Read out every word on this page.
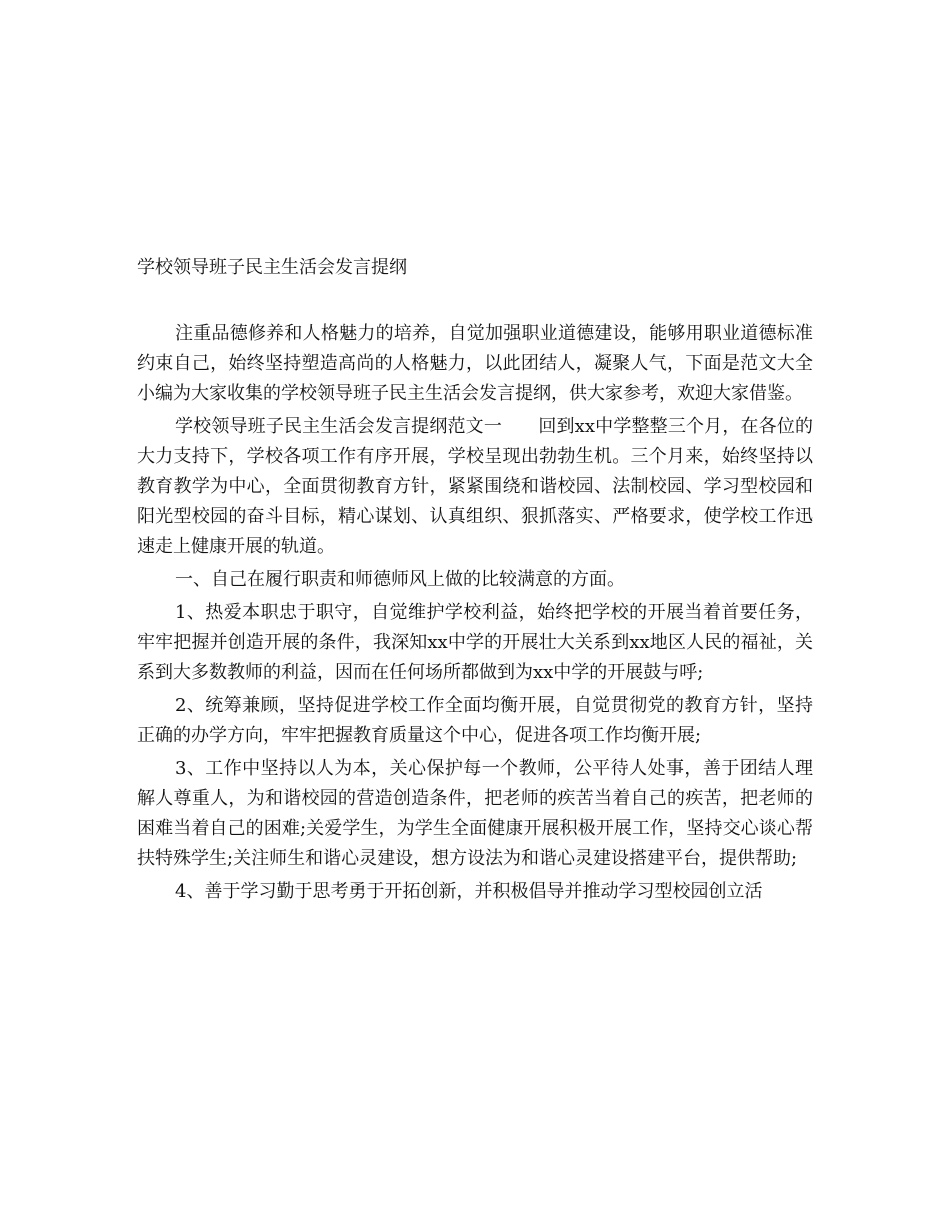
学校领导班子民主生活会发言提纲

注重品德修养和人格魅力的培养，自觉加强职业道德建设，能够用职业道德标准约束自己，始终坚持塑造高尚的人格魅力，以此团结人，凝聚人气，下面是范文大全小编为大家收集的学校领导班子民主生活会发言提纲，供大家参考，欢迎大家借鉴。

学校领导班子民主生活会发言提纲范文一　　回到xx中学整整三个月，在各位的大力支持下，学校各项工作有序开展，学校呈现出勃勃生机。三个月来，始终坚持以教育教学为中心，全面贯彻教育方针，紧紧围绕和谐校园、法制校园、学习型校园和阳光型校园的奋斗目标，精心谋划、认真组织、狠抓落实、严格要求，使学校工作迅速走上健康开展的轨道。

一、自己在履行职责和师德师风上做的比较满意的方面。

1、热爱本职忠于职守，自觉维护学校利益，始终把学校的开展当着首要任务，牢牢把握并创造开展的条件，我深知xx中学的开展壮大关系到xx地区人民的福祉，关系到大多数教师的利益，因而在任何场所都做到为xx中学的开展鼓与呼;

2、统筹兼顾，坚持促进学校工作全面均衡开展，自觉贯彻党的教育方针，坚持正确的办学方向，牢牢把握教育质量这个中心，促进各项工作均衡开展;

3、工作中坚持以人为本，关心保护每一个教师，公平待人处事，善于团结人理解人尊重人，为和谐校园的营造创造条件，把老师的疾苦当着自己的疾苦，把老师的困难当着自己的困难;关爱学生，为学生全面健康开展积极开展工作，坚持交心谈心帮扶特殊学生;关注师生和谐心灵建设，想方设法为和谐心灵建设搭建平台，提供帮助;

4、善于学习勤于思考勇于开拓创新，并积极倡导并推动学习型校园创立活
